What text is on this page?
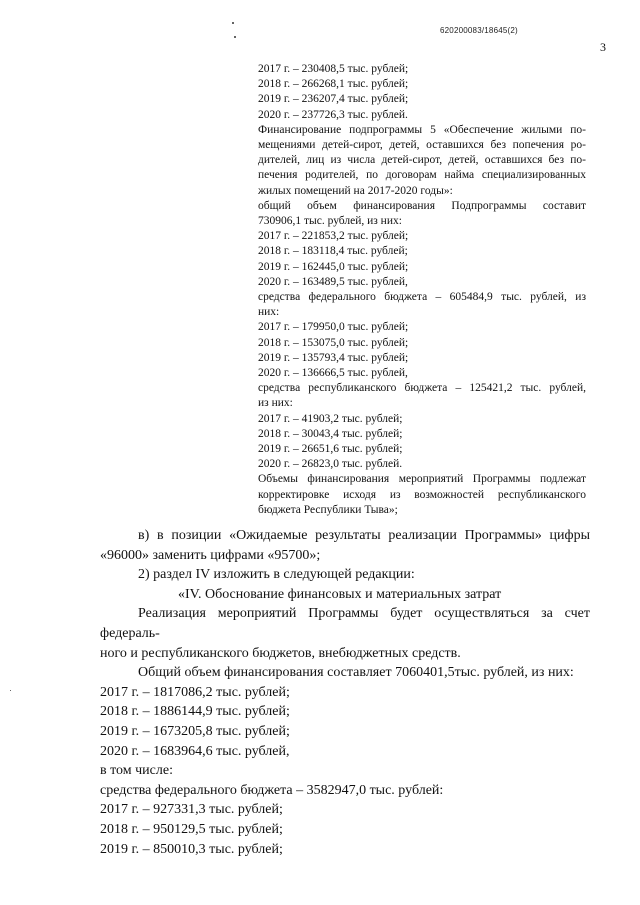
620200083/18645(2)
3

2017 г. – 230408,5 тыс. рублей;

2018 г. – 266268,1 тыс. рублей;

2019 г. – 236207,4 тыс. рублей;

2020 г. – 237726,3 тыс. рублей.

Финансирование подпрограммы 5 «Обеспечение жилыми по-

мещениями детей-сирот, детей, оставшихся без попечения ро-

дителей, лиц из числа детей-сирот, детей, оставшихся без по-

печения родителей, по договорам найма специализированных

жилых помещений на 2017-2020 годы»:

общий объем финансирования Подпрограммы составит

730906,1 тыс. рублей, из них:

2017 г. – 221853,2 тыс. рублей;

2018 г. – 183118,4 тыс. рублей;

2019 г. – 162445,0 тыс. рублей;

2020 г. – 163489,5 тыс. рублей,

средства федерального бюджета – 605484,9 тыс. рублей, из

них:

2017 г. – 179950,0 тыс. рублей;

2018 г. – 153075,0 тыс. рублей;

2019 г. – 135793,4 тыс. рублей;

2020 г. – 136666,5 тыс. рублей,

средства республиканского бюджета – 125421,2 тыс. рублей,

из них:

2017 г. – 41903,2 тыс. рублей;

2018 г. – 30043,4 тыс. рублей;

2019 г. – 26651,6 тыс. рублей;

2020 г. – 26823,0 тыс. рублей.

Объемы финансирования мероприятий Программы подлежат

корректировке исходя из возможностей республиканского

бюджета Республики Тыва»;

в) в позиции «Ожидаемые результаты реализации Программы» цифры

«96000» заменить цифрами «95700»;

2) раздел IV изложить в следующей редакции:

«IV. Обоснование финансовых и материальных затрат

Реализация мероприятий Программы будет осуществляться за счет федераль-

ного и республиканского бюджетов, внебюджетных средств.

Общий объем финансирования составляет 7060401,5тыс. рублей, из них:

2017 г. – 1817086,2 тыс. рублей;

2018 г. – 1886144,9 тыс. рублей;

2019 г. – 1673205,8 тыс. рублей;

2020 г. – 1683964,6 тыс. рублей,

в том числе:

средства федерального бюджета – 3582947,0 тыс. рублей:

2017 г. – 927331,3 тыс. рублей;

2018 г. – 950129,5 тыс. рублей;

2019 г. – 850010,3 тыс. рублей;
